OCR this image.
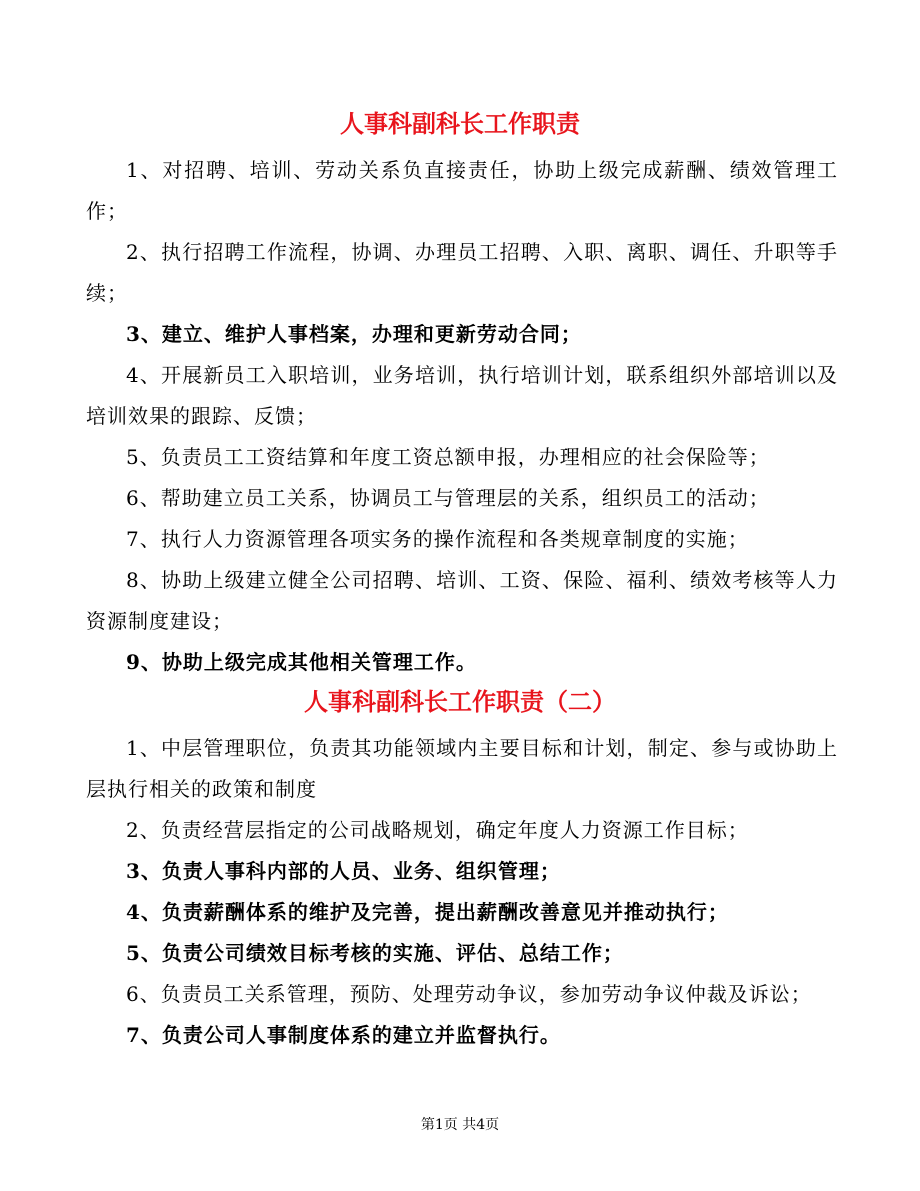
人事科副科长工作职责

1、对招聘、培训、劳动关系负直接责任，协助上级完成薪酬、绩效管理工作；

2、执行招聘工作流程，协调、办理员工招聘、入职、离职、调任、升职等手续；

3、建立、维护人事档案，办理和更新劳动合同；

4、开展新员工入职培训，业务培训，执行培训计划，联系组织外部培训以及培训效果的跟踪、反馈；

5、负责员工工资结算和年度工资总额申报，办理相应的社会保险等；

6、帮助建立员工关系，协调员工与管理层的关系，组织员工的活动；

7、执行人力资源管理各项实务的操作流程和各类规章制度的实施；

8、协助上级建立健全公司招聘、培训、工资、保险、福利、绩效考核等人力资源制度建设；

9、协助上级完成其他相关管理工作。

人事科副科长工作职责（二）

1、中层管理职位，负责其功能领域内主要目标和计划，制定、参与或协助上层执行相关的政策和制度

2、负责经营层指定的公司战略规划，确定年度人力资源工作目标；

3、负责人事科内部的人员、业务、组织管理；

4、负责薪酬体系的维护及完善，提出薪酬改善意见并推动执行；

5、负责公司绩效目标考核的实施、评估、总结工作；

6、负责员工关系管理，预防、处理劳动争议，参加劳动争议仲裁及诉讼；

7、负责公司人事制度体系的建立并监督执行。

第1页 共4页
